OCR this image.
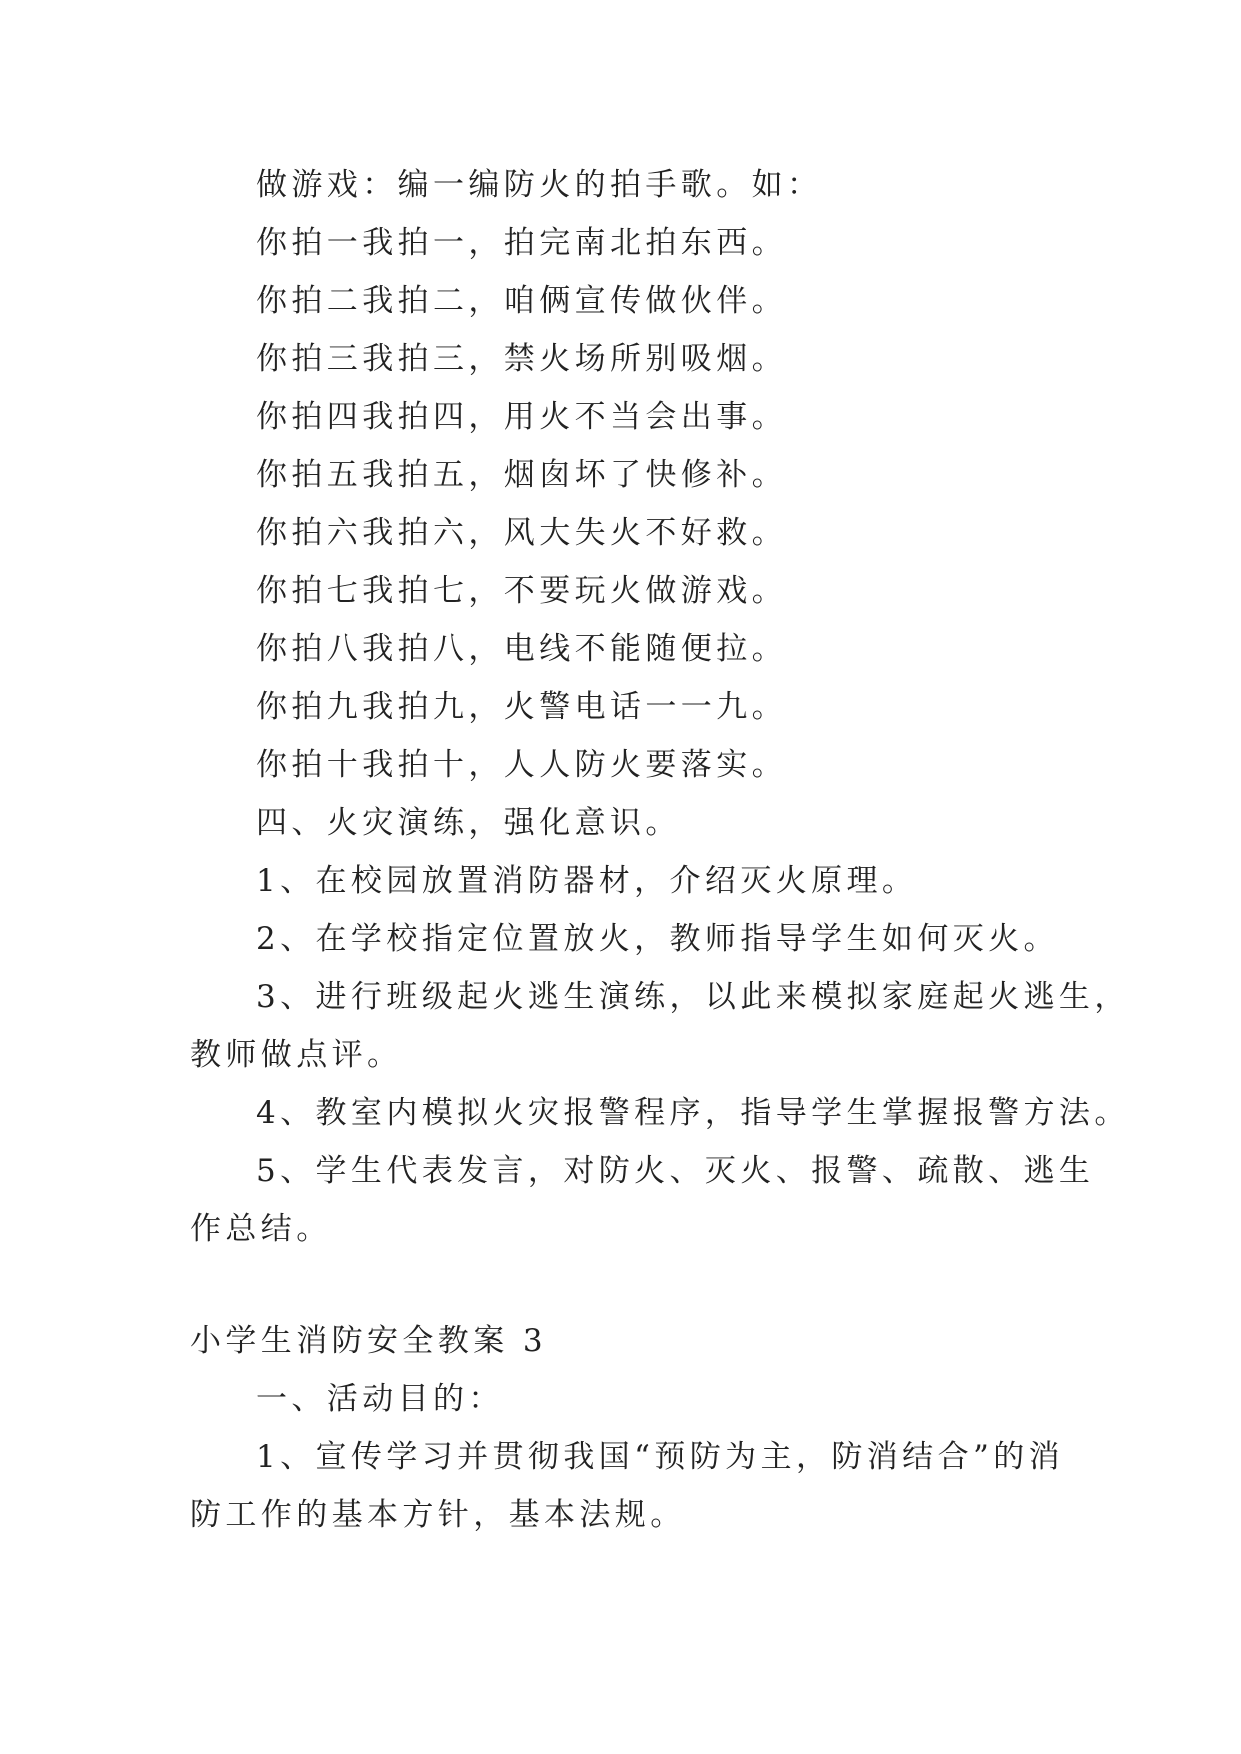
做游戏：编一编防火的拍手歌。如：
你拍一我拍一，拍完南北拍东西。
你拍二我拍二，咱俩宣传做伙伴。
你拍三我拍三，禁火场所别吸烟。
你拍四我拍四，用火不当会出事。
你拍五我拍五，烟囱坏了快修补。
你拍六我拍六，风大失火不好救。
你拍七我拍七，不要玩火做游戏。
你拍八我拍八，电线不能随便拉。
你拍九我拍九，火警电话一一九。
你拍十我拍十，人人防火要落实。
四、火灾演练，强化意识。
1、在校园放置消防器材，介绍灭火原理。
2、在学校指定位置放火，教师指导学生如何灭火。
3、进行班级起火逃生演练，以此来模拟家庭起火逃生，
教师做点评。
4、教室内模拟火灾报警程序，指导学生掌握报警方法。
5、学生代表发言，对防火、灭火、报警、疏散、逃生
作总结。
小学生消防安全教案 3
一、活动目的：
1、宣传学习并贯彻我国“预防为主，防消结合”的消
防工作的基本方针，基本法规。
